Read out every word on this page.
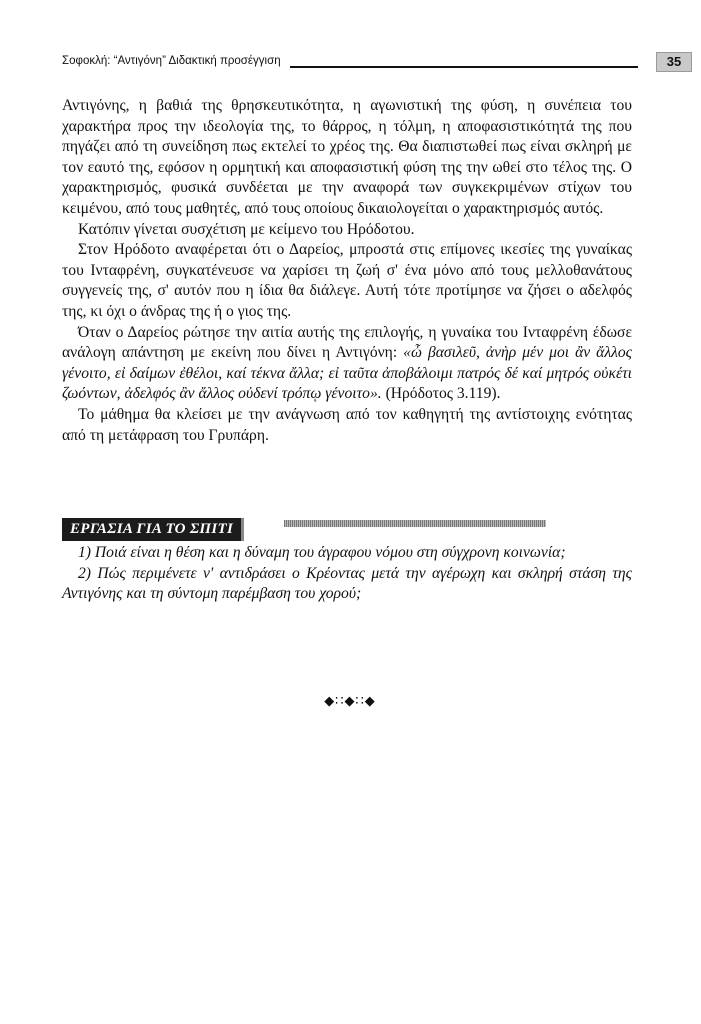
Σοφοκλή: “Αντιγόνη” Διδακτική προσέγγιση	35

Αντιγόνης, η βαθιά της θρησκευτικότητα, η αγωνιστική της φύση, η συνέπεια του χαρακτήρα προς την ιδεολογία της, το θάρρος, η τόλμη, η αποφασιστικότητά της που πηγάζει από τη συνείδηση πως εκτελεί το χρέος της. Θα διαπιστωθεί πως είναι σκληρή με τον εαυτό της, εφόσον η ορμητική και αποφασιστική φύση της την ωθεί στο τέλος της. Ο χαρακτηρισμός, φυσικά συνδέεται με την αναφορά των συγκεκριμένων στίχων του κειμένου, από τους μαθητές, από τους οποίους δικαιολογείται ο χαρακτηρισμός αυτός.

Κατόπιν γίνεται συσχέτιση με κείμενο του Ηρόδοτου.

Στον Ηρόδοτο αναφέρεται ότι ο Δαρείος, μπροστά στις επίμονες ικεσίες της γυναίκας του Ινταφρένη, συγκατένευσε να χαρίσει τη ζωή σ' ένα μόνο από τους μελλοθανάτους συγγενείς της, σ' αυτόν που η ίδια θα διάλεγε. Αυτή τότε προτίμησε να ζήσει ο αδελφός της, κι όχι ο άνδρας της ή ο γιος της.

Όταν ο Δαρείος ρώτησε την αιτία αυτής της επιλογής, η γυναίκα του Ινταφρένη έδωσε ανάλογη απάντηση με εκείνη που δίνει η Αντιγόνη: «ὦ βασιλεῦ, ἀνὴρ μέν μοι ἂν ἄλλος γένοιτο, εἰ δαίμων ἐθέλοι, καί τέκνα ἄλλα; εἰ ταῦτα ἀποβάλοιμι πατρός δέ καί μητρός οὐκέτι ζωόντων, ἀδελφός ἂν ἄλλος οὐδενί τρόπῳ γένοιτο». (Ηρόδοτος 3.119).

Το μάθημα θα κλείσει με την ανάγνωση από τον καθηγητή της αντίστοιχης ενότητας από τη μετάφραση του Γρυπάρη.

ΕΡΓΑΣΙΑ ΓΙΑ ΤΟ ΣΠΙΤΙ

1) Ποιά είναι η θέση και η δύναμη του άγραφου νόμου στη σύγχρονη κοινωνία;

2) Πώς περιμένετε ν' αντιδράσει ο Κρέοντας μετά την αγέρωχη και σκληρή στάση της Αντιγόνης και τη σύντομη παρέμβαση του χορού;

◆∷◆∷◆
